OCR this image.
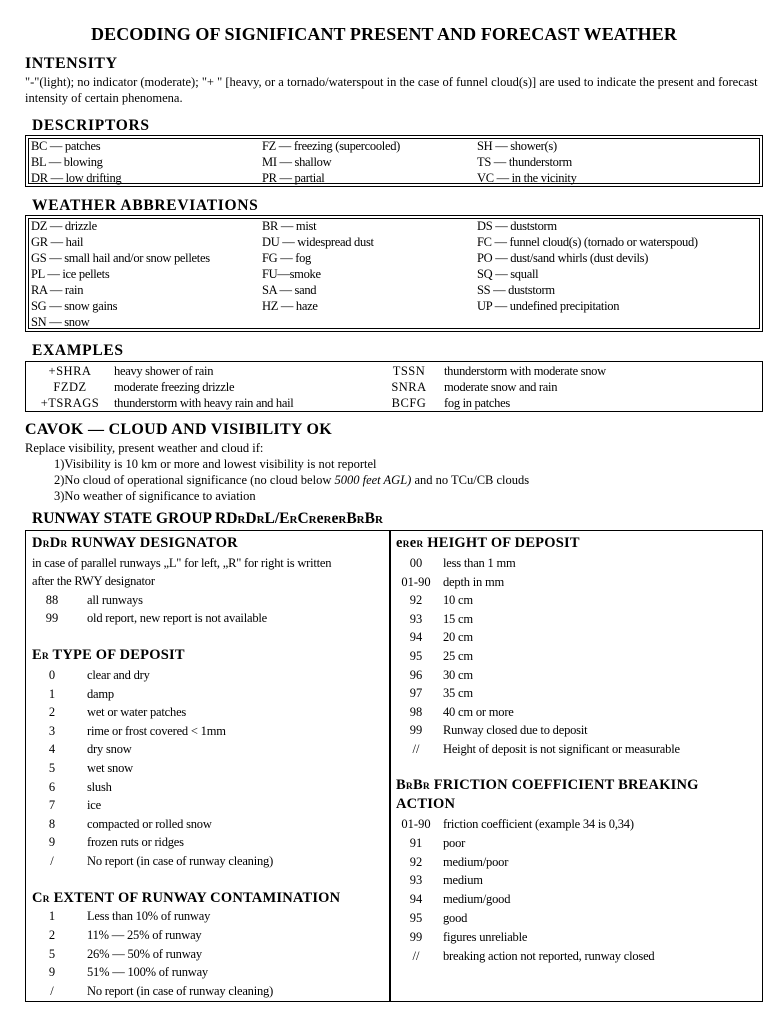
DECODING OF SIGNIFICANT PRESENT AND FORECAST WEATHER
INTENSITY
"-"(light); no indicator (moderate); "+ " [heavy, or a tornado/waterspout in the case of funnel cloud(s)] are used to indicate the present and forecast intensity of certain phenomena.
DESCRIPTORS
BC — patches	FZ — freezing (supercooled)	SH — shower(s)
BL — blowing	MI — shallow	TS — thunderstorm
DR — low drifting	PR — partial	VC — in the vicinity
WEATHER ABBREVIATIONS
DZ — drizzle	BR — mist	DS — duststorm
GR — hail	DU — widespread dust	FC — funnel cloud(s) (tornado or waterspoud)
GS — small hail and/or snow pelletes	FG — fog	PO — dust/sand whirls (dust devils)
PL — ice pellets	FU—smoke	SQ — squall
RA — rain	SA — sand	SS — duststorm
SG — snow gains	HZ — haze	UP — undefined precipitation
SN — snow
EXAMPLES
+SHRA	heavy shower of rain	TSSN	thunderstorm with moderate snow
FZDZ	moderate freezing drizzle	SNRA	moderate snow and rain
+TSRAGS	thunderstorm with heavy rain and hail	BCFG	fog in patches
CAVOK — CLOUD AND VISIBILITY OK
Replace visibility, present weather and cloud if:
1)Visibility is 10 km or more and lowest visibility is not reportel
2)No cloud of operational significance (no cloud below 5000 feet AGL) and no TCu/CB clouds
3)No weather of significance to aviation
RUNWAY STATE GROUP RDRDRL/ERCReReRBRBR
DRDR RUNWAY DESIGNATOR
in case of parallel runways „L" for left, „R" for right is written
after the RWY designator
88	all runways
99	old report, new report is not available
ER TYPE OF DEPOSIT
0	clear and dry
1	damp
2	wet or water patches
3	rime or frost covered < 1mm
4	dry snow
5	wet snow
6	slush
7	ice
8	compacted or rolled snow
9	frozen ruts or ridges
/	No report (in case of runway cleaning)
CR EXTENT OF RUNWAY CONTAMINATION
1	Less than 10% of runway
2	11% — 25% of runway
5	26% — 50% of runway
9	51% — 100% of runway
/	No report (in case of runway cleaning)
eReR HEIGHT OF DEPOSIT
00	less than 1 mm
01-90 depth in mm
92	10 cm
93	15 cm
94	20 cm
95	25 cm
96	30 cm
97	35 cm
98	40 cm or more
99	Runway closed due to deposit
//	Height of deposit is not significant or measurable
BRBR FRICTION COEFFICIENT BREAKING
ACTION
01-90 friction coefficient (example 34 is 0,34)
91	poor
92	medium/poor
93	medium
94	medium/good
95	good
99	figures unreliable
//	breaking action not reported, runway closed
